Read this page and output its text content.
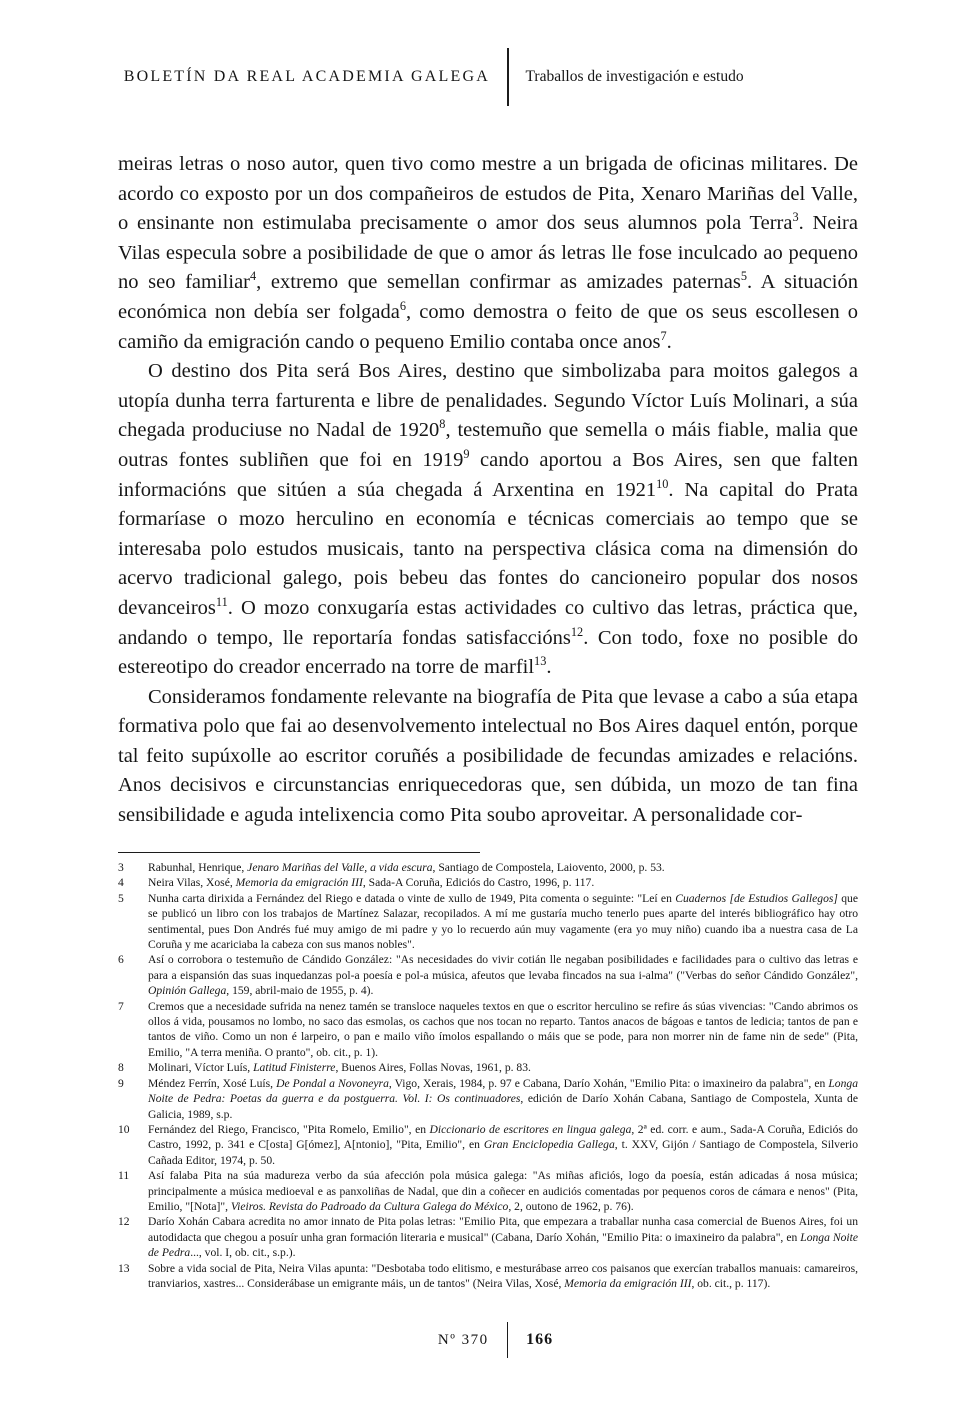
BOLETÍN DA REAL ACADEMIA GALEGA	Traballos de investigación e estudo

meiras letras o noso autor, quen tivo como mestre a un brigada de oficinas militares. De acordo co exposto por un dos compañeiros de estudos de Pita, Xenaro Mariñas del Valle, o ensinante non estimulaba precisamente o amor dos seus alumnos pola Terra$^3$. Neira Vilas especula sobre a posibilidade de que o amor ás letras lle fose inculcado ao pequeno no seo familiar$^4$, extremo que semellan confirmar as amizades paternas$^5$. A situación económica non debía ser folgada$^6$, como demostra o feito de que os seus escollesen o camiño da emigración cando o pequeno Emilio contaba once anos$^7$.

O destino dos Pita será Bos Aires, destino que simbolizaba para moitos galegos a utopía dunha terra farturenta e libre de penalidades. Segundo Víctor Luís Molinari, a súa chegada produciuse no Nadal de 1920$^8$, testemuño que semella o máis fiable, malia que outras fontes subliñen que foi en 1919$^9$ cando aportou a Bos Aires, sen que falten informacións que sitúen a súa chegada á Arxentina en 1921$^{10}$. Na capital do Prata formaríase o mozo herculino en economía e técnicas comerciais ao tempo que se interesaba polo estudos musicais, tanto na perspectiva clásica coma na dimensión do acervo tradicional galego, pois bebeu das fontes do cancioneiro popular dos nosos devanceiros$^{11}$. O mozo conxugaría estas actividades co cultivo das letras, práctica que, andando o tempo, lle reportaría fondas satisfaccións$^{12}$. Con todo, foxe no posible do estereotipo do creador encerrado na torre de marfil$^{13}$.

Consideramos fondamente relevante na biografía de Pita que levase a cabo a súa etapa formativa polo que fai ao desenvolvemento intelectual no Bos Aires daquel entón, porque tal feito supúxolle ao escritor coruñés a posibilidade de fecundas amizades e relacións. Anos decisivos e circunstancias enriquecedoras que, sen dúbida, un mozo de tan fina sensibilidade e aguda intelixencia como Pita soubo aproveitar. A personalidade cor-

3	Rabunhal, Henrique, Jenaro Mariñas del Valle, a vida escura, Santiago de Compostela, Laiovento, 2000, p. 53.
4	Neira Vilas, Xosé, Memoria da emigración III, Sada-A Coruña, Ediciós do Castro, 1996, p. 117.
5	Nunha carta dirixida a Fernández del Riego e datada o vinte de xullo de 1949, Pita comenta o seguinte: "Leí en Cuadernos [de Estudios Gallegos] que se publicó un libro con los trabajos de Martínez Salazar, recopilados. A mí me gustaría mucho tenerlo pues aparte del interés bibliográfico hay otro sentimental, pues Don Andrés fué muy amigo de mi padre y yo lo recuerdo aún muy vagamente (era yo muy niño) cuando iba a nuestra casa de La Coruña y me acariciaba la cabeza con sus manos nobles".
6	Así o corrobora o testemuño de Cándido González: "As necesidades do vivir cotián lle negaban posibilidades e facilidades para o cultivo das letras e para a eispansión das suas inquedanzas pol-a poesía e pol-a música, afeutos que levaba fincados na sua i-alma" ("Verbas do señor Cándido González", Opinión Gallega, 159, abril-maio de 1955, p. 4).
7	Cremos que a necesidade sufrida na nenez tamén se transloce naqueles textos en que o escritor herculino se refire ás súas vivencias: "Cando abrimos os ollos á vida, pousamos no lombo, no saco das esmolas, os cachos que nos tocan no reparto. Tantos anacos de bágoas e tantos de ledicia; tantos de pan e tantos de viño. Como un non é larpeiro, o pan e mailo viño ímolos espallando o máis que se pode, para non morrer nin de fame nin de sede" (Pita, Emilio, "A terra meniña. O pranto", ob. cit., p. 1).
8	Molinari, Víctor Luís, Latitud Finisterre, Buenos Aires, Follas Novas, 1961, p. 83.
9	Méndez Ferrín, Xosé Luís, De Pondal a Novoneyra, Vigo, Xerais, 1984, p. 97 e Cabana, Darío Xohán, "Emilio Pita: o imaxineiro da palabra", en Longa Noite de Pedra: Poetas da guerra e da postguerra. Vol. I: Os continuadores, edición de Darío Xohán Cabana, Santiago de Compostela, Xunta de Galicia, 1989, s.p.
10	Fernández del Riego, Francisco, "Pita Romelo, Emilio", en Diccionario de escritores en lingua galega, 2ª ed. corr. e aum., Sada-A Coruña, Ediciós do Castro, 1992, p. 341 e C[osta] G[ómez], A[ntonio], "Pita, Emilio", en Gran Enciclopedia Gallega, t. XXV, Gijón / Santiago de Compostela, Silverio Cañada Editor, 1974, p. 50.
11	Así falaba Pita na súa madureza verbo da súa afección pola música galega: "As miñas aficiós, logo da poesía, están adicadas á nosa música; principalmente a música medioeval e as panxoliñas de Nadal, que din a coñecer en audiciós comentadas por pequenos coros de cámara e nenos" (Pita, Emilio, "[Nota]", Vieiros. Revista do Padroado da Cultura Galega do México, 2, outono de 1962, p. 76).
12	Darío Xohán Cabara acredita no amor innato de Pita polas letras: "Emilio Pita, que empezara a traballar nunha casa comercial de Buenos Aires, foi un autodidacta que chegou a posuír unha gran formación literaria e musical" (Cabana, Darío Xohán, "Emilio Pita: o imaxineiro da palabra", en Longa Noite de Pedra..., vol. I, ob. cit., s.p.).
13	Sobre a vida social de Pita, Neira Vilas apunta: "Desbotaba todo elitismo, e mesturábase arreo cos paisanos que exercían traballos manuais: camareiros, tranviarios, xastres... Considerábase un emigrante máis, un de tantos" (Neira Vilas, Xosé, Memoria da emigración III, ob. cit., p. 117).
Nº 370	166
